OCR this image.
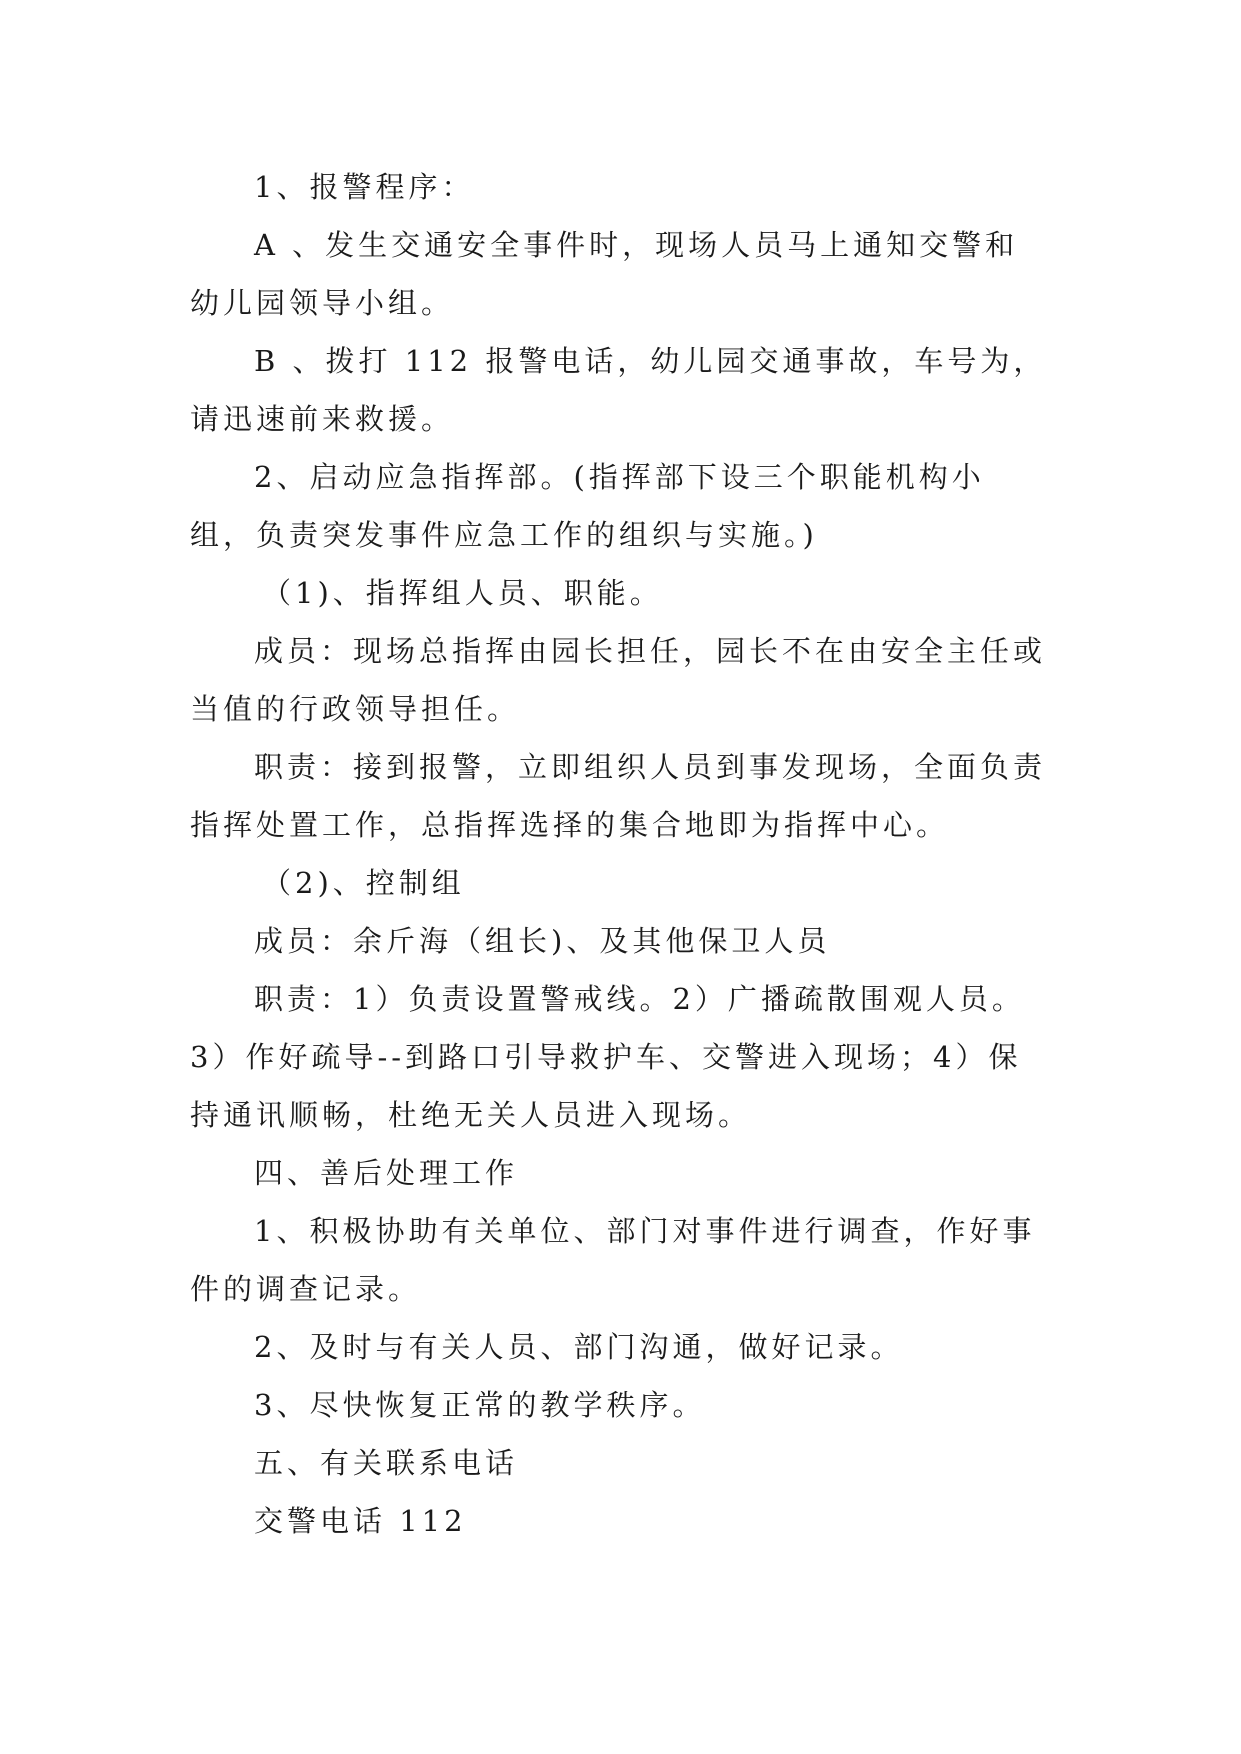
1、报警程序：

A 、发生交通安全事件时，现场人员马上通知交警和幼儿园领导小组。

B 、拨打 112 报警电话，幼儿园交通事故，车号为，请迅速前来救援。

2、启动应急指挥部。(指挥部下设三个职能机构小组，负责突发事件应急工作的组织与实施。)

（1)、指挥组人员、职能。

成员：现场总指挥由园长担任，园长不在由安全主任或当值的行政领导担任。

职责：接到报警，立即组织人员到事发现场，全面负责指挥处置工作，总指挥选择的集合地即为指挥中心。

（2)、控制组

成员：余斤海（组长)、及其他保卫人员

职责：1）负责设置警戒线。2）广播疏散围观人员。3）作好疏导--到路口引导救护车、交警进入现场；4）保持通讯顺畅，杜绝无关人员进入现场。

四、善后处理工作

1、积极协助有关单位、部门对事件进行调查，作好事件的调查记录。

2、及时与有关人员、部门沟通，做好记录。

3、尽快恢复正常的教学秩序。

五、有关联系电话

交警电话 112
